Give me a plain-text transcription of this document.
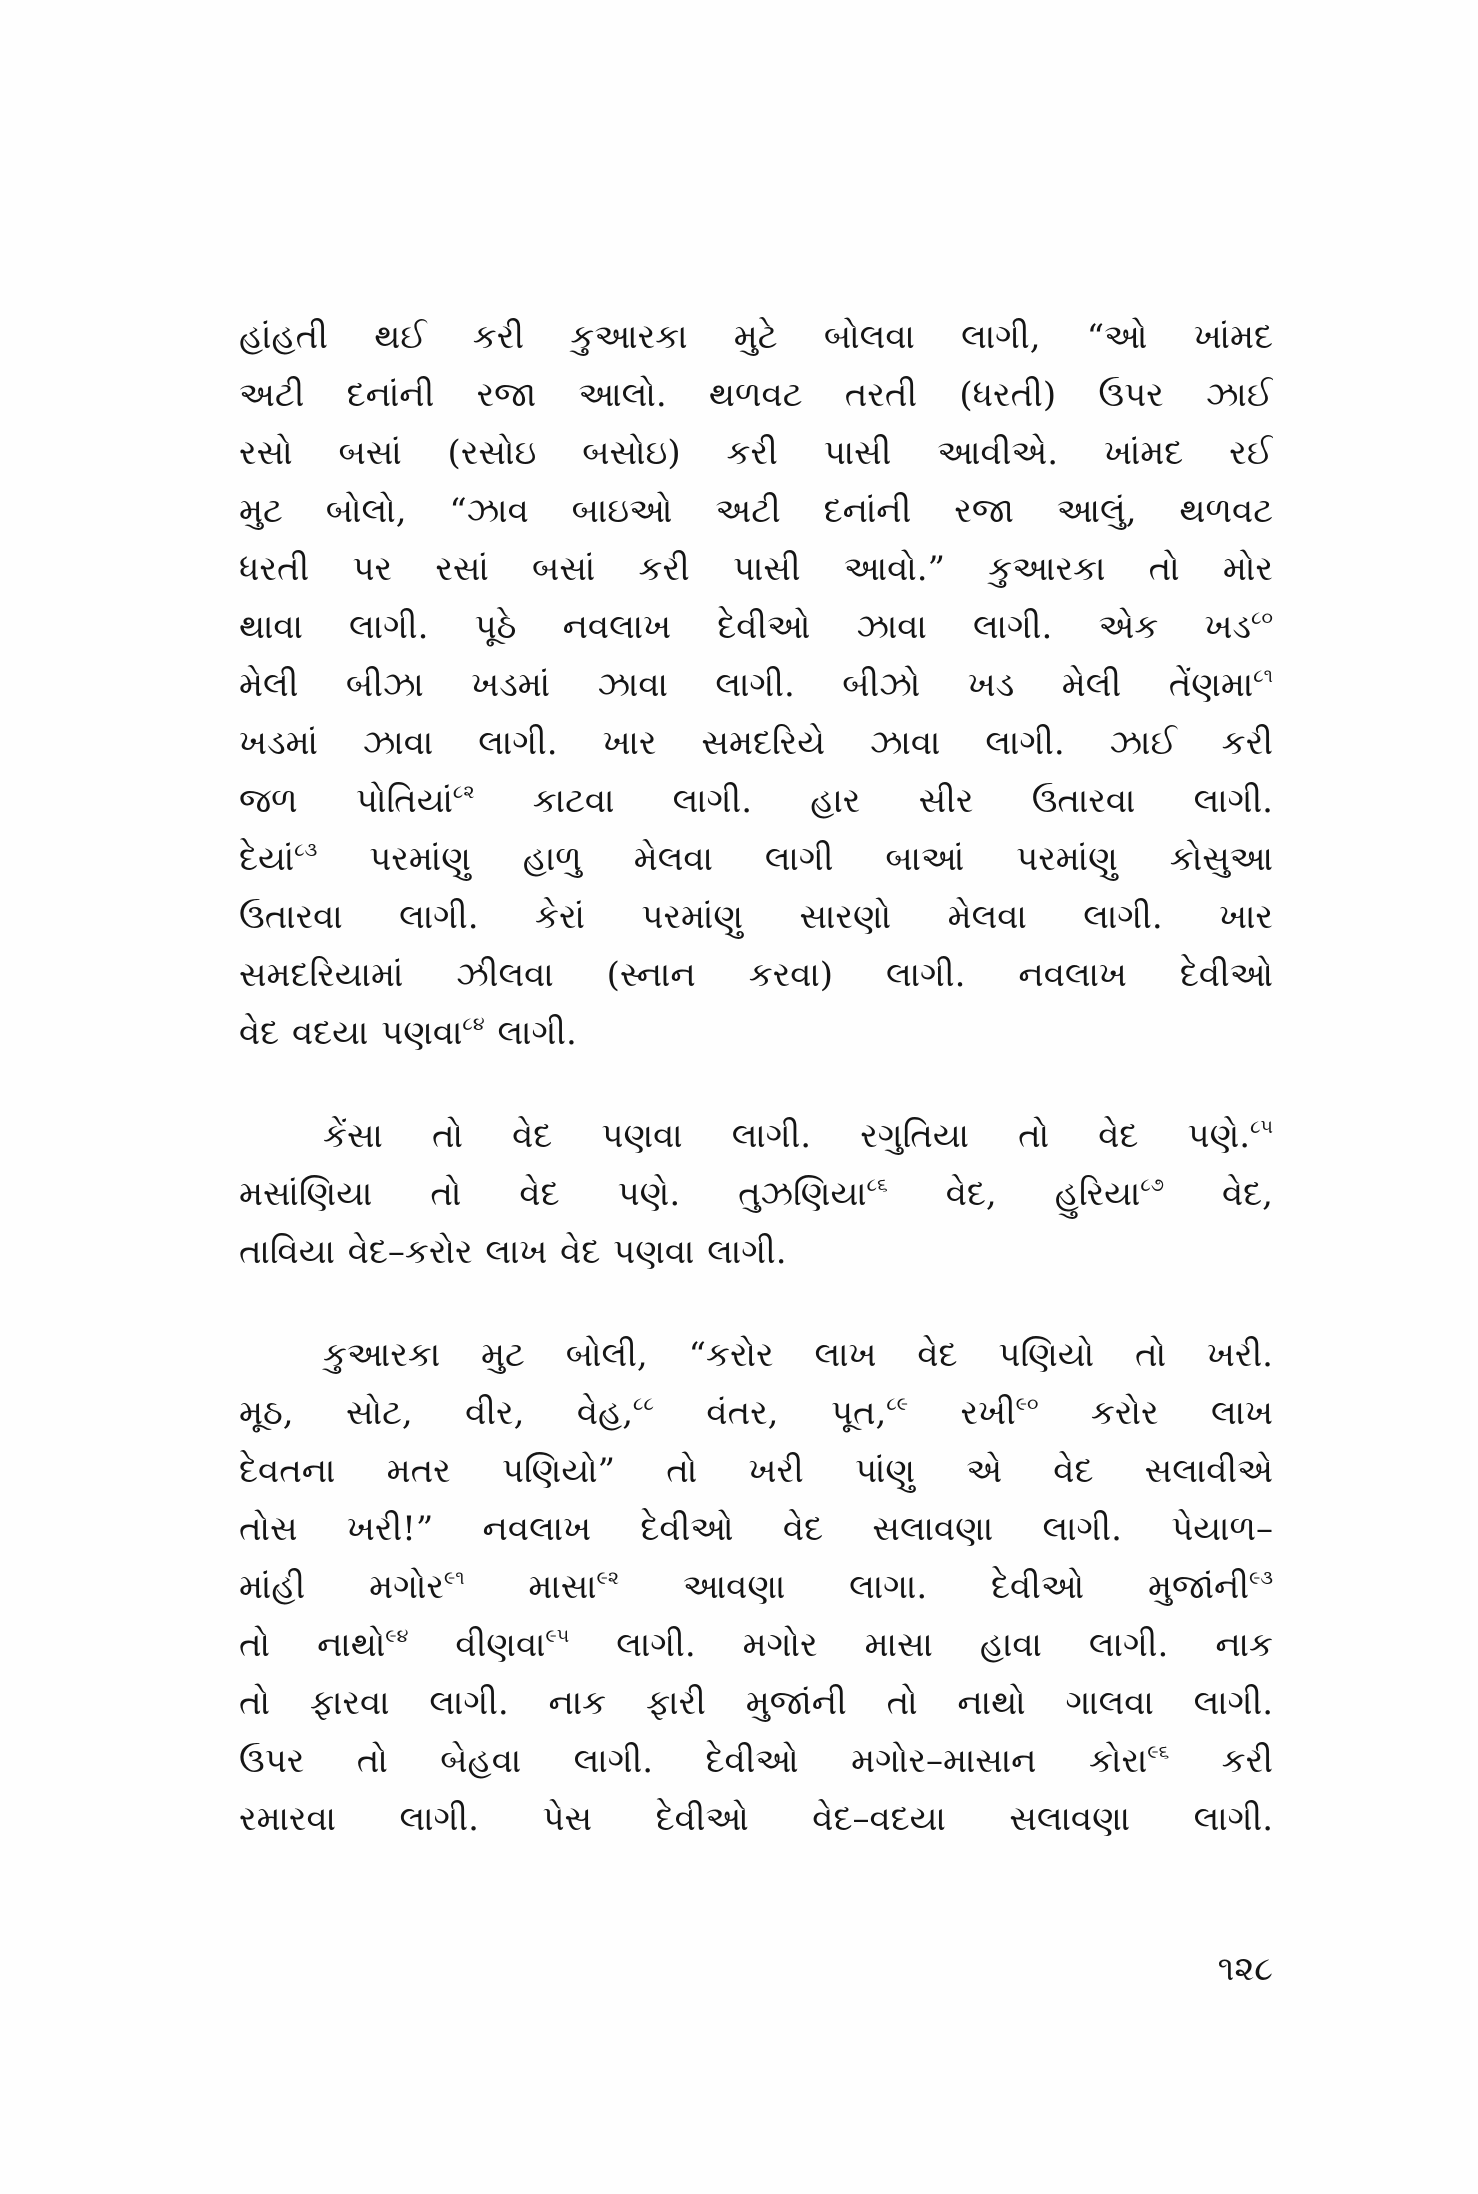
હાંહતી થઈ કરી કુઆરકા મુટે બોલવા લાગી, “ઓ ખાંમદ
અટી દનાંની રજા આલો. થળવટ તરતી (ધરતી) ઉપર ઝાઈ
રસો બસાં (રસોઇ બસોઇ) કરી પાસી આવીએ. ખાંમદ રઈ
મુટ બોલો, “ઝાવ બાઇઓ અટી દનાંની રજા આલું, થળવટ
ધરતી પર રસાં બસાં કરી પાસી આવો.” કુઆરકા તો મોર
થાવા લાગી. પૂઠે નવલાખ દેવીઓ ઝાવા લાગી. એક ખડ$^{૮૦}$
મેલી બીઝા ખડમાં ઝાવા લાગી. બીઝો ખડ મેલી તેંણમા$^{૮૧}$
ખડમાં ઝાવા લાગી. ખાર સમદરિયે ઝાવા લાગી. ઝાઈ કરી
જળ પોતિયાં$^{૮૨}$ કાટવા લાગી. હાર સીર ઉતારવા લાગી.
દેયાં$^{૮૩}$ પરમાંણુ હાળુ મેલવા લાગી બાઆં પરમાંણુ કોસુઆ
ઉતારવા લાગી. કેરાં પરમાંણુ સારણો મેલવા લાગી. ખાર
સમદરિયામાં ઝીલવા (સ્નાન કરવા) લાગી. નવલાખ દેવીઓ
વેદ વદયા પણવા$^{૮૪}$ લાગી.
કેંસા તો વેદ પણવા લાગી. રગુતિયા તો વેદ પણે.$^{૮૫}$
મસાંણિયા તો વેદ પણે. તુઝણિયા$^{૮૬}$ વેદ, હુરિયા$^{૮૭}$ વેદ,
તાવિયા વેદ–કરોર લાખ વેદ પણવા લાગી.
કુઆરકા મુટ બોલી, “કરોર લાખ વેદ પણિયો તો ખરી.
મૂઠ, સોટ, વીર, વેહ,$^{૮૮}$ વંતર, પૂત,$^{૮૯}$ રખી$^{૯૦}$ કરોર લાખ
દેવતના મતર પણિયો” તો ખરી પાંણુ એ વેદ સલાવીએ
તોસ ખરી!” નવલાખ દેવીઓ વેદ સલાવણા લાગી. પેયાળ–
માંહી મગોર$^{૯૧}$ માસા$^{૯૨}$ આવણા લાગા. દેવીઓ મુજાંની$^{૯૩}$
તો નાથો$^{૯૪}$ વીણવા$^{૯૫}$ લાગી. મગોર માસા હાવા લાગી. નાક
તો ફારવા લાગી. નાક ફારી મુજાંની તો નાથો ગાલવા લાગી.
ઉપર તો બેહવા લાગી. દેવીઓ મગોર–માસાન કોરા$^{૯૬}$ કરી
રમારવા લાગી. પેસ દેવીઓ વેદ–વદયા સલાવણા લાગી.
૧૨૮
